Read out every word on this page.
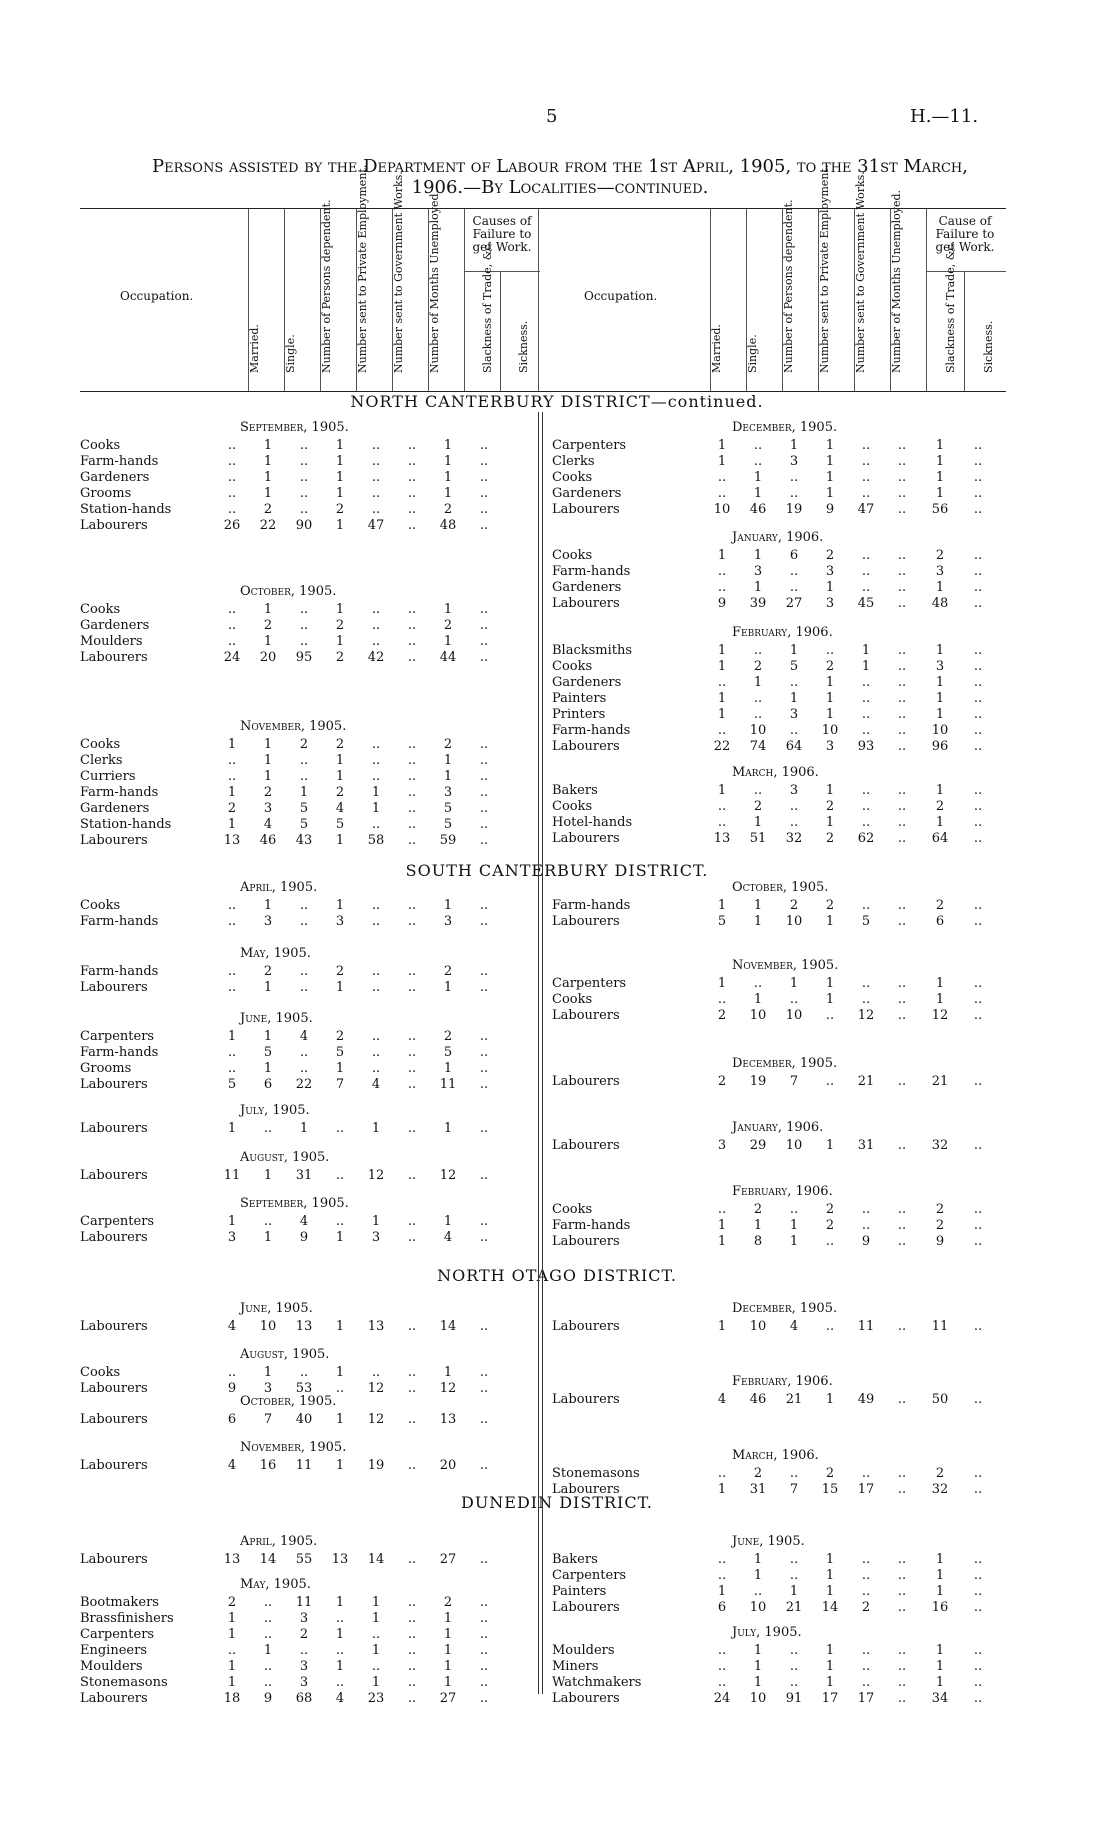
5	H.—11.
Persons assisted by the Department of Labour from the 1st April, 1905, to the 31st March,
1906.—By Localities—continued.
Occupation.
Married. Single. Number of Persons dependent. Number sent to Private Employment. Number sent to Government Works. Number of Months Unemployed.	Causes of Failure to get Work.
Slackness of Trade, &c. Sickness.
Occupation.
Married. Single. Number of Persons dependent. Number sent to Private Employment. Number sent to Government Works. Number of Months Unemployed.	Cause of Failure to get Work.
Slackness of Trade, &c. Sickness.
NORTH CANTERBURY DISTRICT—continued.
SOUTH CANTERBURY DISTRICT.
NORTH OTAGO DISTRICT.
DUNEDIN DISTRICT.
September, 1905.
Cooks	..	1	..	1	..	..	1	..
Farm-hands	..	1	..	1	..	..	1	..
Gardeners	..	1	..	1	..	..	1	..
Grooms	..	1	..	1	..	..	1	..
Station-hands	..	2	..	2	..	..	2	..
Labourers	26	22	90	1	47	..	48	..
October, 1905.
Cooks	..	1	..	1	..	..	1	..
Gardeners	..	2	..	2	..	..	2	..
Moulders	..	1	..	1	..	..	1	..
Labourers	24	20	95	2	42	..	44	..
November, 1905.
Cooks	1	1	2	2	..	..	2	..
Clerks	..	1	..	1	..	..	1	..
Curriers	..	1	..	1	..	..	1	..
Farm-hands	1	2	1	2	1	..	3	..
Gardeners	2	3	5	4	1	..	5	..
Station-hands	1	4	5	5	..	..	5	..
Labourers	13	46	43	1	58	..	59	..
December, 1905.
Carpenters	1	..	1	1	..	..	1	..
Clerks	1	..	3	1	..	..	1	..
Cooks	..	1	..	1	..	..	1	..
Gardeners	..	1	..	1	..	..	1	..
Labourers	10	46	19	9	47	..	56	..
January, 1906.
Cooks	1	1	6	2	..	..	2	..
Farm-hands	..	3	..	3	..	..	3	..
Gardeners	..	1	..	1	..	..	1	..
Labourers	9	39	27	3	45	..	48	..
February, 1906.
Blacksmiths	1	..	1	..	1	..	1	..
Cooks	1	2	5	2	1	..	3	..
Gardeners	..	1	..	1	..	..	1	..
Painters	1	..	1	1	..	..	1	..
Printers	1	..	3	1	..	..	1	..
Farm-hands	..	10	..	10	..	..	10	..
Labourers	22	74	64	3	93	..	96	..
March, 1906.
Bakers	1	..	3	1	..	..	1	..
Cooks	..	2	..	2	..	..	2	..
Hotel-hands	..	1	..	1	..	..	1	..
Labourers	13	51	32	2	62	..	64	..
April, 1905.
Cooks	..	1	..	1	..	..	1	..
Farm-hands	..	3	..	3	..	..	3	..
May, 1905.
Farm-hands	..	2	..	2	..	..	2	..
Labourers	..	1	..	1	..	..	1	..
June, 1905.
Carpenters	1	1	4	2	..	..	2	..
Farm-hands	..	5	..	5	..	..	5	..
Grooms	..	1	..	1	..	..	1	..
Labourers	5	6	22	7	4	..	11	..
July, 1905.
Labourers	1	..	1	..	1	..	1	..
August, 1905.
Labourers	11	1	31	..	12	..	12	..
September, 1905.
Carpenters	1	..	4	..	1	..	1	..
Labourers	3	1	9	1	3	..	4	..
October, 1905.
Farm-hands	1	1	2	2	..	..	2	..
Labourers	5	1	10	1	5	..	6	..
November, 1905.
Carpenters	1	..	1	1	..	..	1	..
Cooks	..	1	..	1	..	..	1	..
Labourers	2	10	10	..	12	..	12	..
December, 1905.
Labourers	2	19	7	..	21	..	21	..
January, 1906.
Labourers	3	29	10	1	31	..	32	..
February, 1906.
Cooks	..	2	..	2	..	..	2	..
Farm-hands	1	1	1	2	..	..	2	..
Labourers	1	8	1	..	9	..	9	..
June, 1905.
Labourers	4	10	13	1	13	..	14	..
August, 1905.
Cooks	..	1	..	1	..	..	1	..
Labourers	9	3	53	..	12	..	12	..
October, 1905.
Labourers	6	7	40	1	12	..	13	..
November, 1905.
Labourers	4	16	11	1	19	..	20	..
December, 1905.
Labourers	1	10	4	..	11	..	11	..
February, 1906.
Labourers	4	46	21	1	49	..	50	..
March, 1906.
Stonemasons	..	2	..	2	..	..	2	..
Labourers	1	31	7	15	17	..	32	..
April, 1905.
Labourers	13	14	55	13	14	..	27	..
May, 1905.
Bootmakers	2	..	11	1	1	..	2	..
Brassfinishers	1	..	3	..	1	..	1	..
Carpenters	1	..	2	1	..	..	1	..
Engineers	..	1	..	..	1	..	1	..
Moulders	1	..	3	1	..	..	1	..
Stonemasons	1	..	3	..	1	..	1	..
Labourers	18	9	68	4	23	..	27	..
June, 1905.
Bakers	..	1	..	1	..	..	1	..
Carpenters	..	1	..	1	..	..	1	..
Painters	1	..	1	1	..	..	1	..
Labourers	6	10	21	14	2	..	16	..
July, 1905.
Moulders	..	1	..	1	..	..	1	..
Miners	..	1	..	1	..	..	1	..
Watchmakers	..	1	..	1	..	..	1	..
Labourers	24	10	91	17	17	..	34	..
